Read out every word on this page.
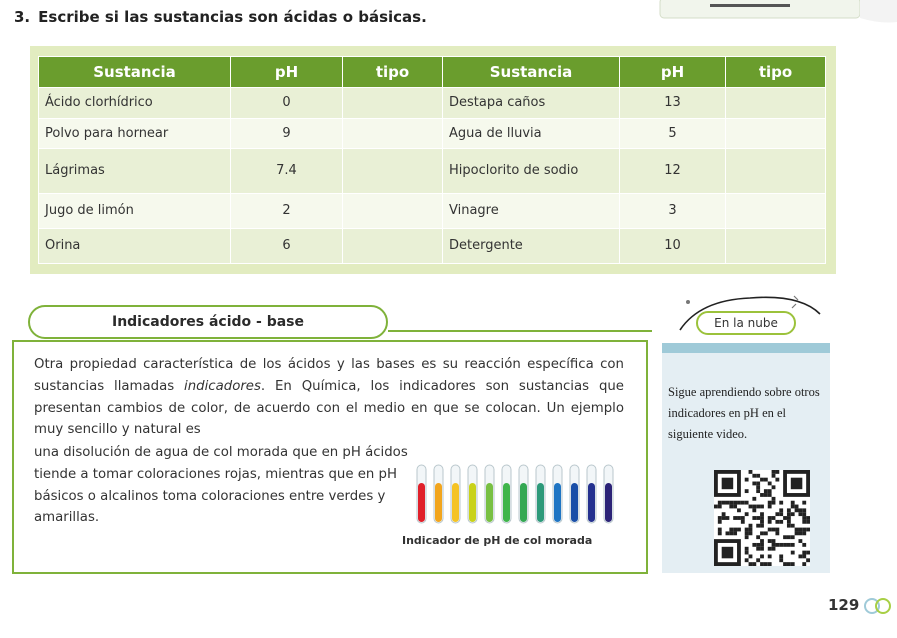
3. Escribe si las sustancias son ácidas o básicas.
Sustancia	pH	tipo	Sustancia	pH	tipo
Ácido clorhídrico	0		Destapa caños	13	
Polvo para hornear	9		Agua de lluvia	5	
Lágrimas	7.4		Hipoclorito de sodio	12	
Jugo de limón	2		Vinagre	3	
Orina	6		Detergente	10	
Indicadores ácido - base
Otra propiedad característica de los ácidos y las bases es su reacción específica con sustancias llamadas indicadores. En Química, los indicadores son sustancias que presentan cambios de color, de acuerdo con el medio en que se colocan. Un ejemplo muy sencillo y natural es
una disolución de agua de col morada que en pH ácidos tiende a tomar coloraciones rojas, mientras que en pH básicos o alcalinos toma coloraciones entre verdes y amarillas.
Indicador de pH de col morada
En la nube
Sigue aprendiendo sobre otros indicadores en pH en el siguiente video.
129
